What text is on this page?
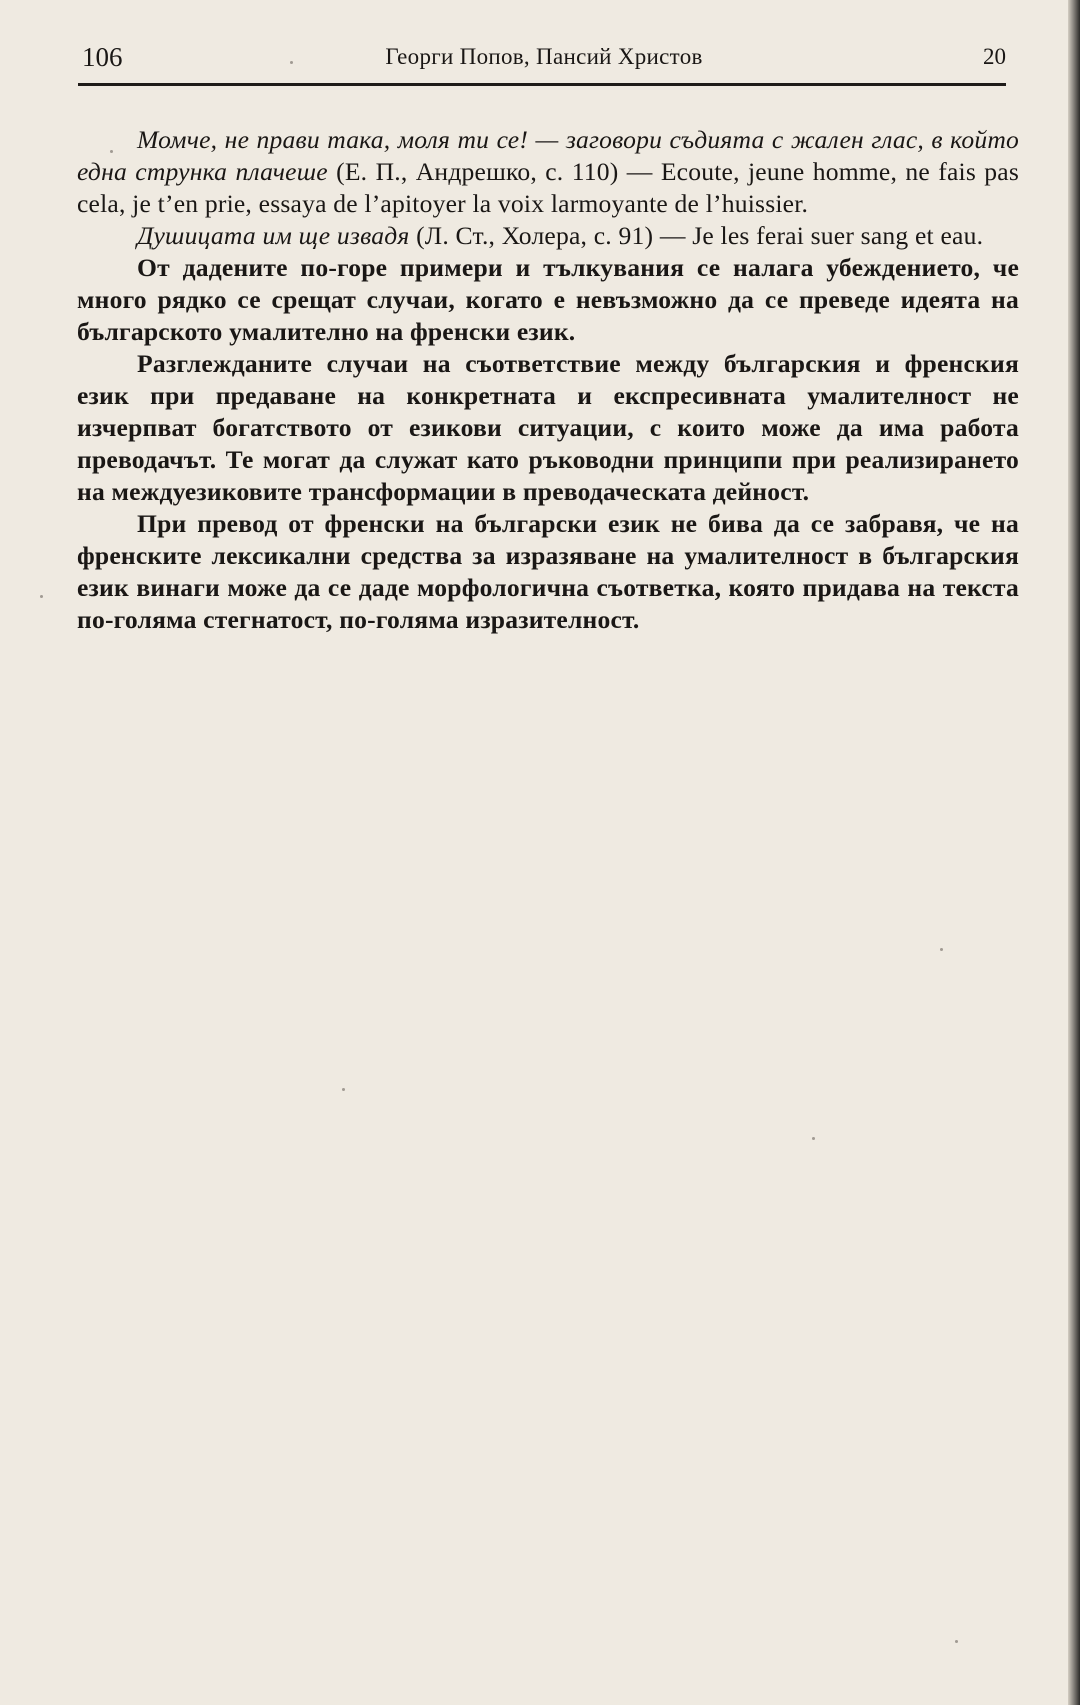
106	Георги Попов, Пансий Христов	20

Момче, не прави така, моля ти се! — заговори съдията с жален глас, в който една струнка плачеше (Е. П., Андрешко, с. 110) — Ecoute, jeune homme, ne fais pas cela, je t’en prie, essaya de l’apitoyer la voix larmoyante de l’huissier.

Душицата им ще извадя (Л. Ст., Холера, с. 91) — Je les ferai suer sang et eau.

От дадените по-горе примери и тълкувания се налага убеждението, че много рядко се срещат случаи, когато е невъзможно да се преведе идеята на българското умалително на френски език.

Разглежданите случаи на съответствие между българския и френския език при предаване на конкретната и експресивната умалителност не изчерпват богатството от езикови ситуации, с които може да има работа преводачът. Те могат да служат като ръководни принципи при реализирането на междуезиковите трансформации в преводаческата дейност.

При превод от френски на български език не бива да се забравя, че на френските лексикални средства за изразяване на умалителност в българския език винаги може да се даде морфологична съответка, която придава на текста по-голяма стегнатост, по-голяма изразителност.
